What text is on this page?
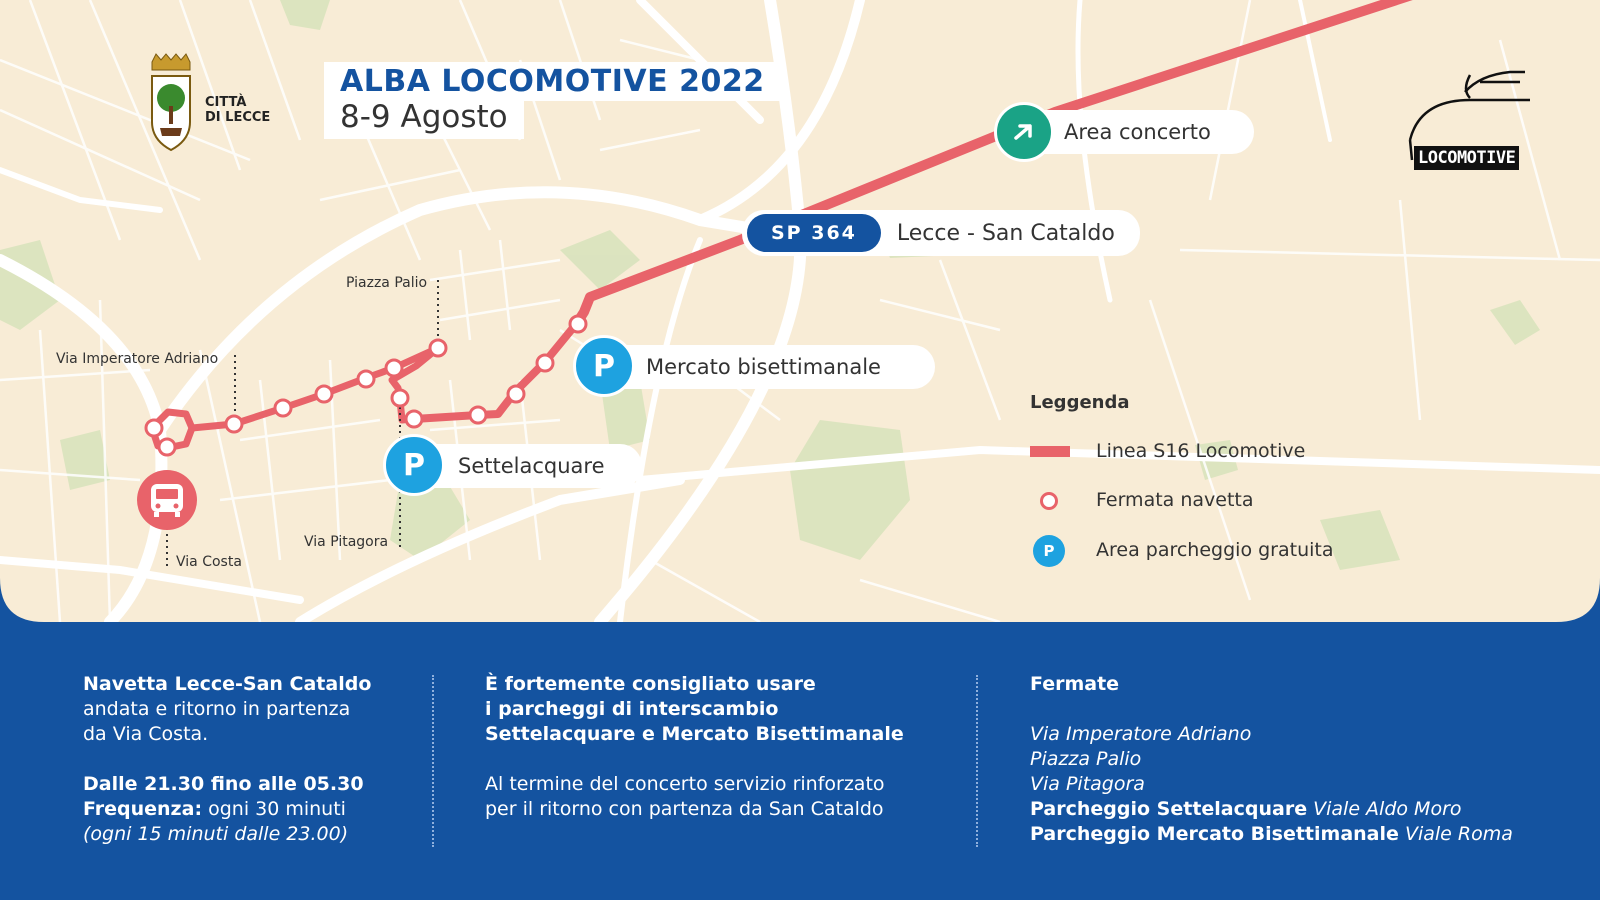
ALBA LOCOMOTIVE 2022
8-9 Agosto
CITTÀ
DI LECCE
LOCOMOTIVE
Area concerto
SP 364	Lecce - San Cataldo
Mercato bisettimanale
P
Settelacquare
P
Piazza Palio
Via Imperatore Adriano
Via Pitagora
Via Costa
Leggenda
Linea S16 Locomotive
Fermata navetta
P Area parcheggio gratuita
Navetta Lecce-San Cataldo
andata e ritorno in partenza
da Via Costa.
Dalle 21.30 fino alle 05.30
Frequenza: ogni 30 minuti
(ogni 15 minuti dalle 23.00)
È fortemente consigliato usare
i parcheggi di interscambio
Settelacquare e Mercato Bisettimanale
Al termine del concerto servizio rinforzato
per il ritorno con partenza da San Cataldo
Fermate
Via Imperatore Adriano
Piazza Palio
Via Pitagora
Parcheggio Settelacquare Viale Aldo Moro
Parcheggio Mercato Bisettimanale Viale Roma
